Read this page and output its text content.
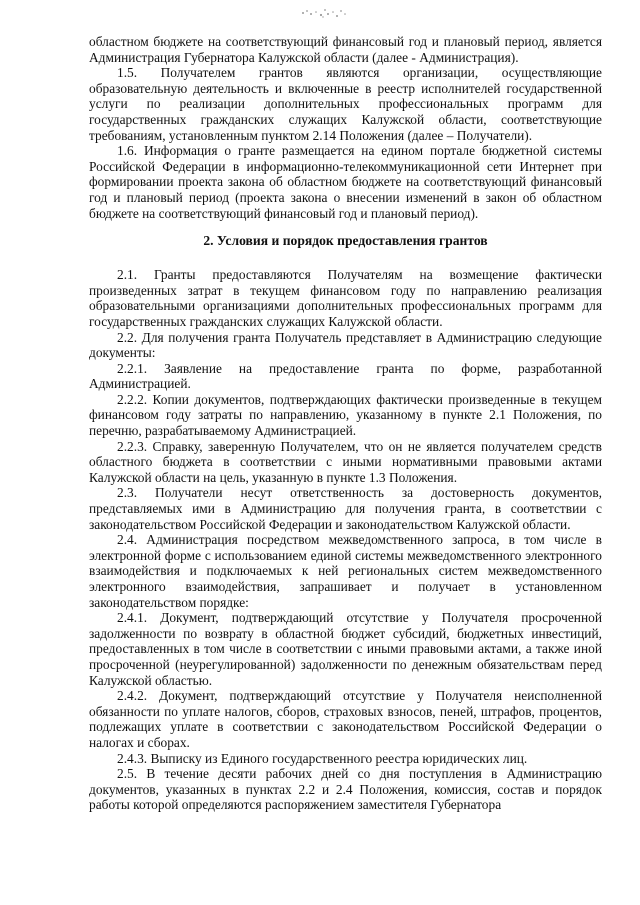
областном бюджете на соответствующий финансовый год и плановый период, является Администрация Губернатора Калужской области (далее - Администрация).

1.5. Получателем грантов являются организации, осуществляющие образовательную деятельность и включенные в реестр исполнителей государственной услуги по реализации дополнительных профессиональных программ для государственных гражданских служащих Калужской области, соответствующие требованиям, установленным пунктом 2.14 Положения (далее – Получатели).

1.6. Информация о гранте размещается на едином портале бюджетной системы Российской Федерации в информационно-телекоммуникационной сети Интернет при формировании проекта закона об областном бюджете на соответствующий финансовый год и плановый период (проекта закона о внесении изменений в закон об областном бюджете на соответствующий финансовый год и плановый период).

2. Условия и порядок предоставления грантов

2.1. Гранты предоставляются Получателям на возмещение фактически произведенных затрат в текущем финансовом году по направлению реализация образовательными организациями дополнительных профессиональных программ для государственных гражданских служащих Калужской области.

2.2. Для получения гранта Получатель представляет в Администрацию следующие документы:

2.2.1. Заявление на предоставление гранта по форме, разработанной Администрацией.

2.2.2. Копии документов, подтверждающих фактически произведенные в текущем финансовом году затраты по направлению, указанному в пункте 2.1 Положения, по перечню, разрабатываемому Администрацией.

2.2.3. Справку, заверенную Получателем, что он не является получателем средств областного бюджета в соответствии с иными нормативными правовыми актами Калужской области на цель, указанную в пункте 1.3 Положения.

2.3. Получатели несут ответственность за достоверность документов, представляемых ими в Администрацию для получения гранта, в соответствии с законодательством Российской Федерации и законодательством Калужской области.

2.4. Администрация посредством межведомственного запроса, в том числе в электронной форме с использованием единой системы межведомственного электронного взаимодействия и подключаемых к ней региональных систем межведомственного электронного взаимодействия, запрашивает и получает в установленном законодательством порядке:

2.4.1. Документ, подтверждающий отсутствие у Получателя просроченной задолженности по возврату в областной бюджет субсидий, бюджетных инвестиций, предоставленных в том числе в соответствии с иными правовыми актами, а также иной просроченной (неурегулированной) задолженности по денежным обязательствам перед Калужской областью.

2.4.2. Документ, подтверждающий отсутствие у Получателя неисполненной обязанности по уплате налогов, сборов, страховых взносов, пеней, штрафов, процентов, подлежащих уплате в соответствии с законодательством Российской Федерации о налогах и сборах.

2.4.3. Выписку из Единого государственного реестра юридических лиц.

2.5. В течение десяти рабочих дней со дня поступления в Администрацию документов, указанных в пунктах 2.2 и 2.4 Положения, комиссия, состав и порядок работы которой определяются распоряжением заместителя Губернатора
